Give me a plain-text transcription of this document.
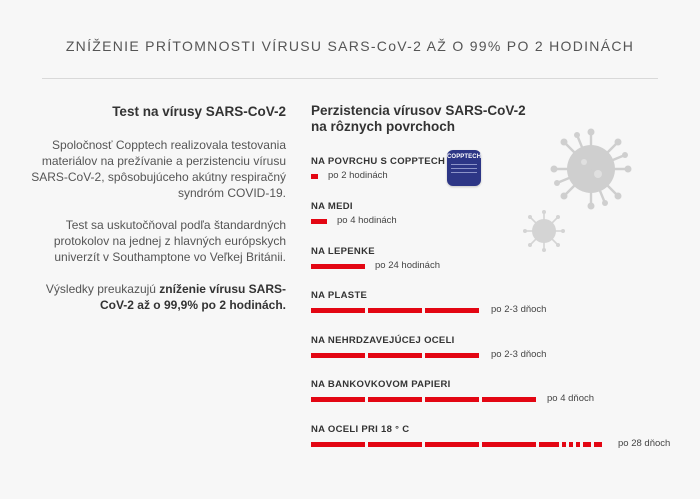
ZNÍŽENIE PRÍTOMNOSTI VÍRUSU SARS-CoV-2 AŽ O 99% PO 2 HODINÁCH
Test na vírusy SARS-CoV-2

Spoločnosť Copptech realizovala testovania materiálov na prežívanie a perzistenciu vírusu SARS-CoV-2, spôsobujúceho akútny respiračný syndróm COVID-19.

Test sa uskutočňoval podľa štandardných protokolov na jednej z hlavných európskych univerzít v Southamptone vo Veľkej Británii.

Výsledky preukazujú zníženie vírusu SARS-CoV-2 až o 99,9% po 2 hodinách.

Perzistencia vírusov SARS-CoV-2 na rôznych povrchoch
COPPTECH
NA POVRCHU S COPPTECH
po 2 hodinách
NA MEDI
po 4 hodinách
NA LEPENKE
po 24 hodinách
NA PLASTE
po 2-3 dňoch
NA NEHRDZAVEJÚCEJ OCELI
po 2-3 dňoch
NA BANKOVKOVOM PAPIERI
po 4 dňoch
NA OCELI PRI 18 ° C
po 28 dňoch
